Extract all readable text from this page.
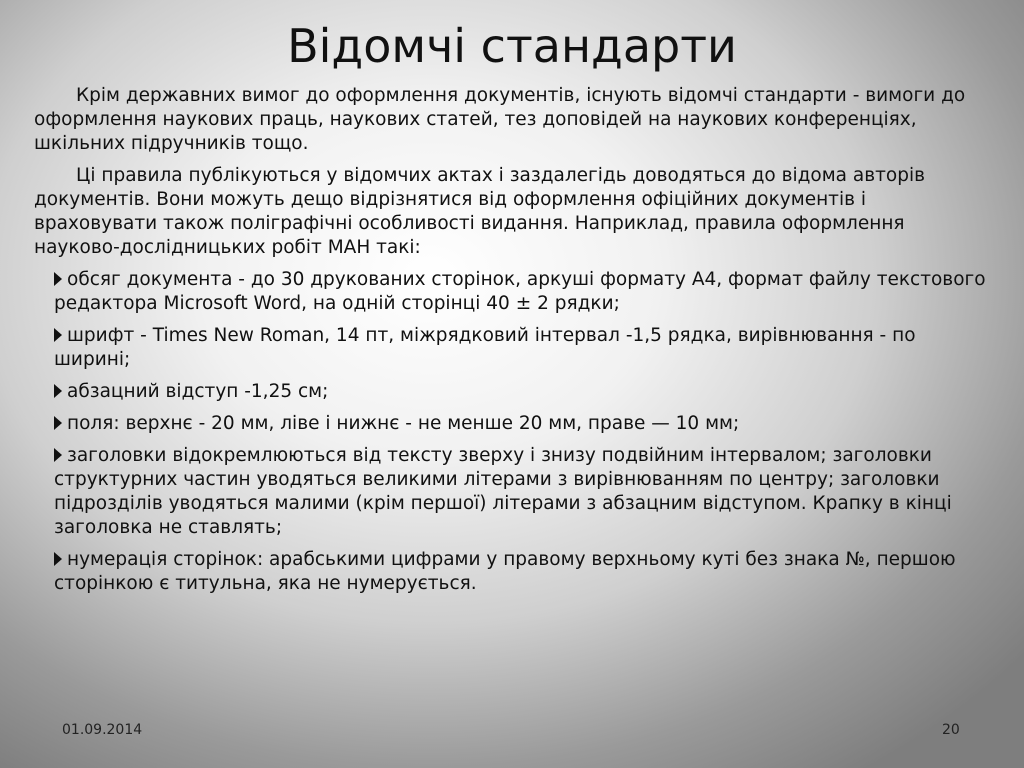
Відомчі стандарти

Крім державних вимог до оформлення документів, існують відомчі стандарти - вимоги до оформлення наукових праць, наукових статей, тез доповідей на наукових конференціях, шкільних підручників тощо.

Ці правила публікуються у відомчих актах і заздалегідь доводяться до відома авторів документів. Вони можуть дещо відрізнятися від оформлення офіційних документів і враховувати також поліграфічні особливості видання. Наприклад, правила оформлення науково-дослідницьких робіт МАН такі:

обсяг документа - до 30 друкованих сторінок, аркуші формату А4, формат файлу текстового редактора Microsoft Word, на одній сторінці 40 ± 2 рядки;
шрифт - Times New Roman, 14 пт, міжрядковий інтервал -1,5 рядка, вирівнювання - по ширині;
абзацний відступ -1,25 см;
поля: верхнє - 20 мм, ліве і нижнє - не менше 20 мм, праве — 10 мм;
заголовки відокремлюються від тексту зверху і знизу подвійним інтервалом; заголовки структурних частин уводяться великими літерами з вирівнюванням по центру; заголовки підрозділів уводяться малими (крім першої) літерами з абзацним відступом. Крапку в кінці заголовка не ставлять;
нумерація сторінок: арабськими цифрами у правому верхньому куті без знака №, першою сторінкою є титульна, яка не нумерується.
01.09.2014	20
